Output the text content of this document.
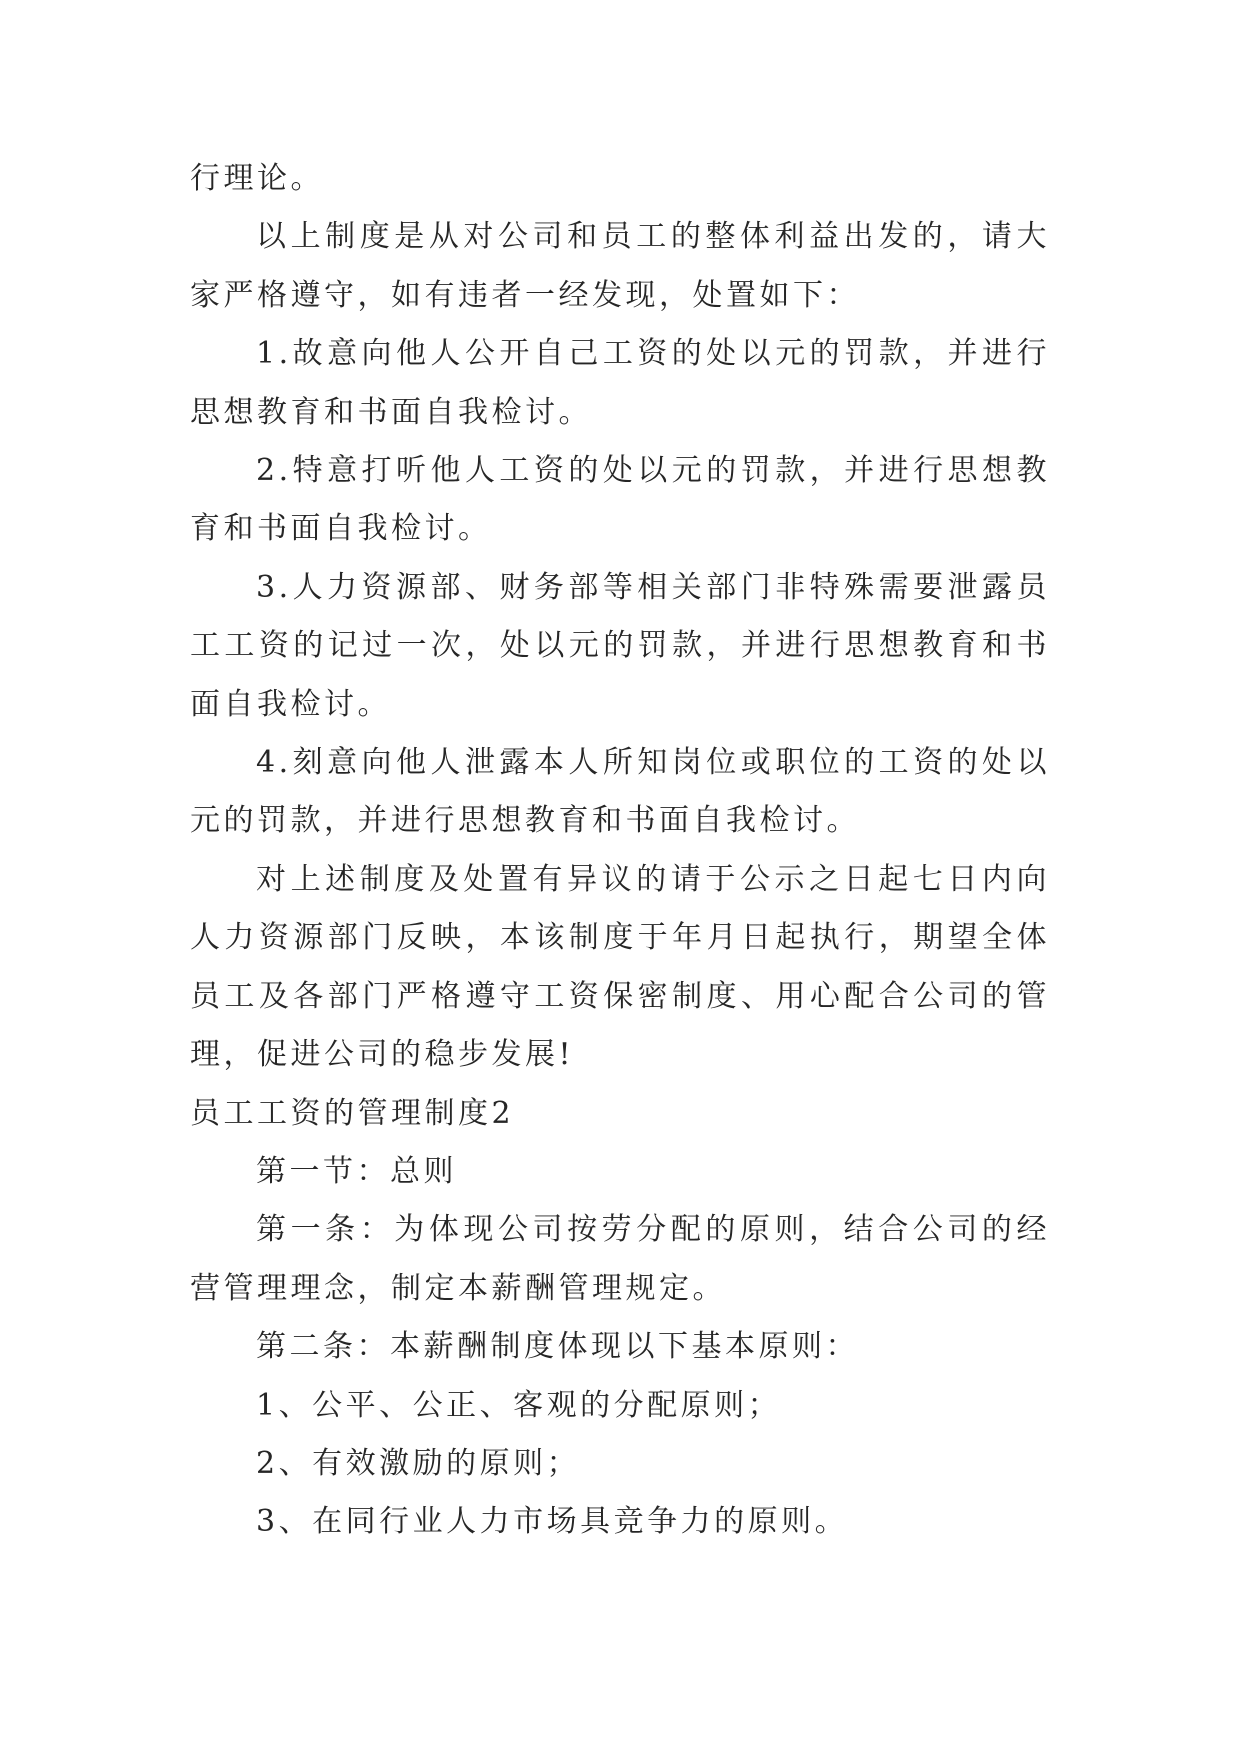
行理论。

以上制度是从对公司和员工的整体利益出发的，请大家严格遵守，如有违者一经发现，处置如下：

1.故意向他人公开自己工资的处以元的罚款，并进行思想教育和书面自我检讨。

2.特意打听他人工资的处以元的罚款，并进行思想教育和书面自我检讨。

3.人力资源部、财务部等相关部门非特殊需要泄露员工工资的记过一次，处以元的罚款，并进行思想教育和书面自我检讨。

4.刻意向他人泄露本人所知岗位或职位的工资的处以元的罚款，并进行思想教育和书面自我检讨。

对上述制度及处置有异议的请于公示之日起七日内向人力资源部门反映，本该制度于年月日起执行，期望全体员工及各部门严格遵守工资保密制度、用心配合公司的管理，促进公司的稳步发展!

员工工资的管理制度2

第一节：总则

第一条：为体现公司按劳分配的原则，结合公司的经营管理理念，制定本薪酬管理规定。

第二条：本薪酬制度体现以下基本原则：

1、公平、公正、客观的分配原则；

2、有效激励的原则；

3、在同行业人力市场具竞争力的原则。
